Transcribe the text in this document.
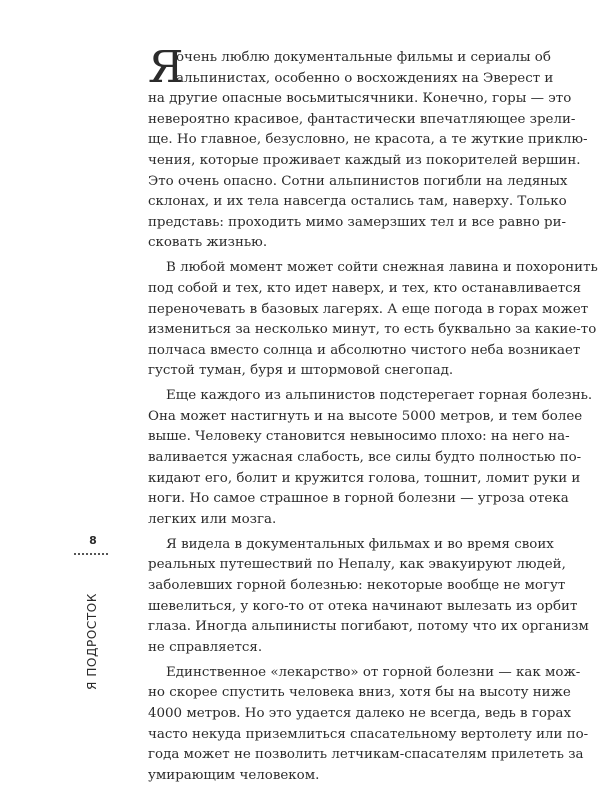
8
Я ПОДРОСТОК
Я
очень люблю документальные фильмы и сериалы об
альпинистах, особенно о восхождениях на Эверест и
на другие опасные восьмитысячники. Конечно, горы — это
невероятно красивое, фантастически впечатляющее зрели-
ще. Но главное, безусловно, не красота, а те жуткие приклю-
чения, которые проживает каждый из покорителей вершин.
Это очень опасно. Сотни альпинистов погибли на ледяных
склонах, и их тела навсегда остались там, наверху. Только
представь: проходить мимо замерзших тел и все равно ри-
сковать жизнью.
В любой момент может сойти снежная лавина и похоронить
под собой и тех, кто идет наверх, и тех, кто останавливается
переночевать в базовых лагерях. А еще погода в горах может
измениться за несколько минут, то есть буквально за какие-то
полчаса вместо солнца и абсолютно чистого неба возникает
густой туман, буря и штормовой снегопад.
Еще каждого из альпинистов подстерегает горная болезнь.
Она может настигнуть и на высоте 5000 метров, и тем более
выше. Человеку становится невыносимо плохо: на него на-
валивается ужасная слабость, все силы будто полностью по-
кидают его, болит и кружится голова, тошнит, ломит руки и
ноги. Но самое страшное в горной болезни — угроза отека
легких или мозга.
Я видела в документальных фильмах и во время своих
реальных путешествий по Непалу, как эвакуируют людей,
заболевших горной болезнью: некоторые вообще не могут
шевелиться, у кого-то от отека начинают вылезать из орбит
глаза. Иногда альпинисты погибают, потому что их организм
не справляется.
Единственное «лекарство» от горной болезни — как мож-
но скорее спустить человека вниз, хотя бы на высоту ниже
4000 метров. Но это удается далеко не всегда, ведь в горах
часто некуда приземлиться спасательному вертолету или по-
года может не позволить летчикам-спасателям прилететь за
умирающим человеком.
